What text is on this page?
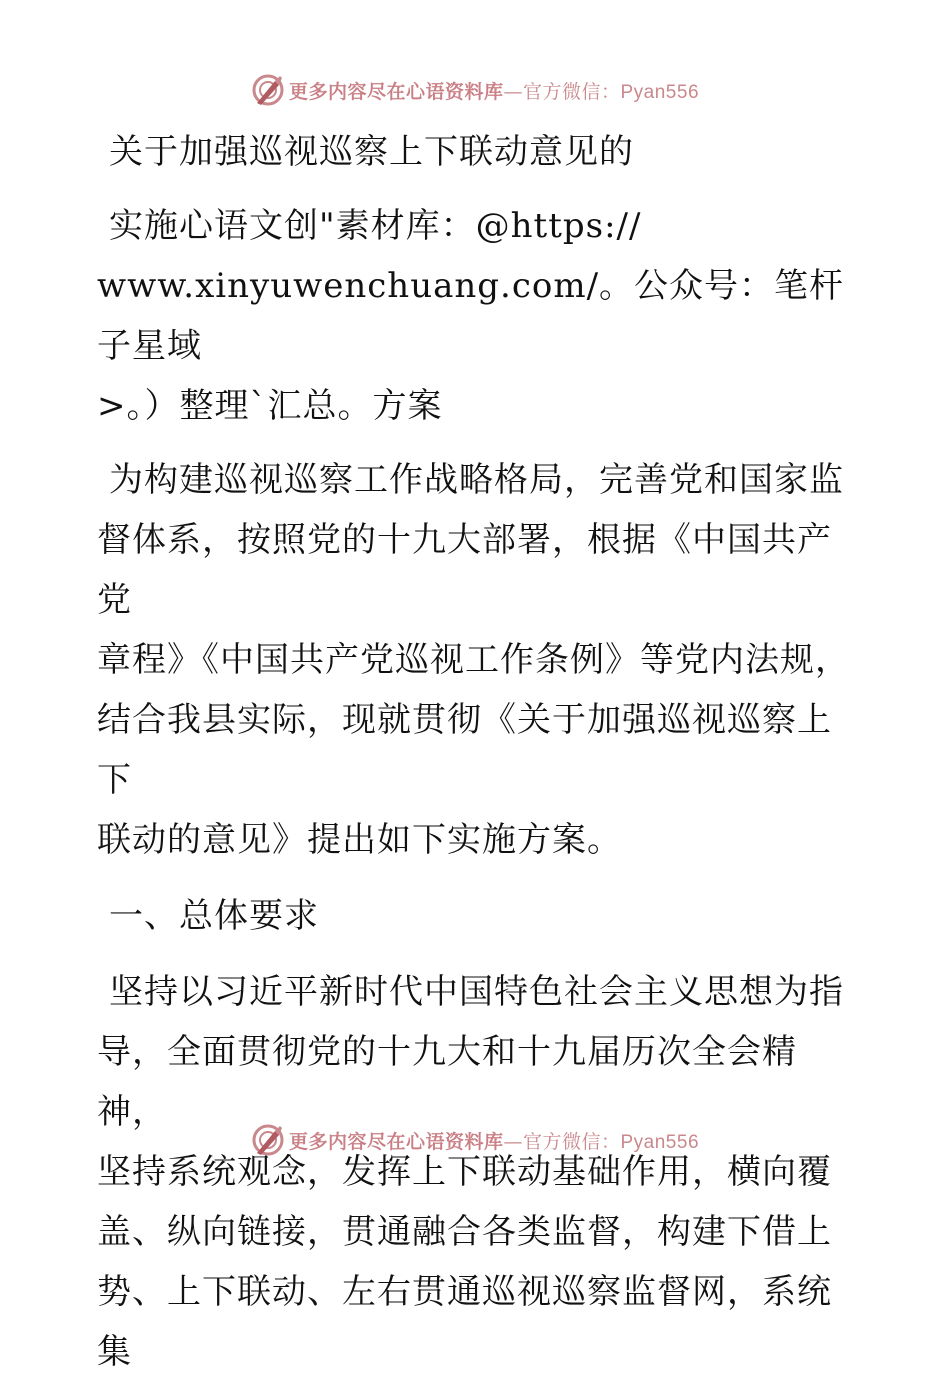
更多内容尽在心语资料库—官方微信：Pyan556

关于加强巡视巡察上下联动意见的

实施心语文创"素材库：@https://

www.xinyuwenchuang.com/。公众号：笔杆子星域

>。）整理`汇总。方案

为构建巡视巡察工作战略格局，完善党和国家监

督体系，按照党的十九大部署，根据《中国共产党

章程》《中国共产党巡视工作条例》等党内法规，

结合我县实际，现就贯彻《关于加强巡视巡察上下

联动的意见》提出如下实施方案。

一、总体要求

坚持以习近平新时代中国特色社会主义思想为指

导，全面贯彻党的十九大和十九届历次全会精神，

坚持系统观念，发挥上下联动基础作用，横向覆

盖、纵向链接，贯通融合各类监督，构建下借上

势、上下联动、左右贯通巡视巡察监督网，系统集

更多内容尽在心语资料库—官方微信：Pyan556
